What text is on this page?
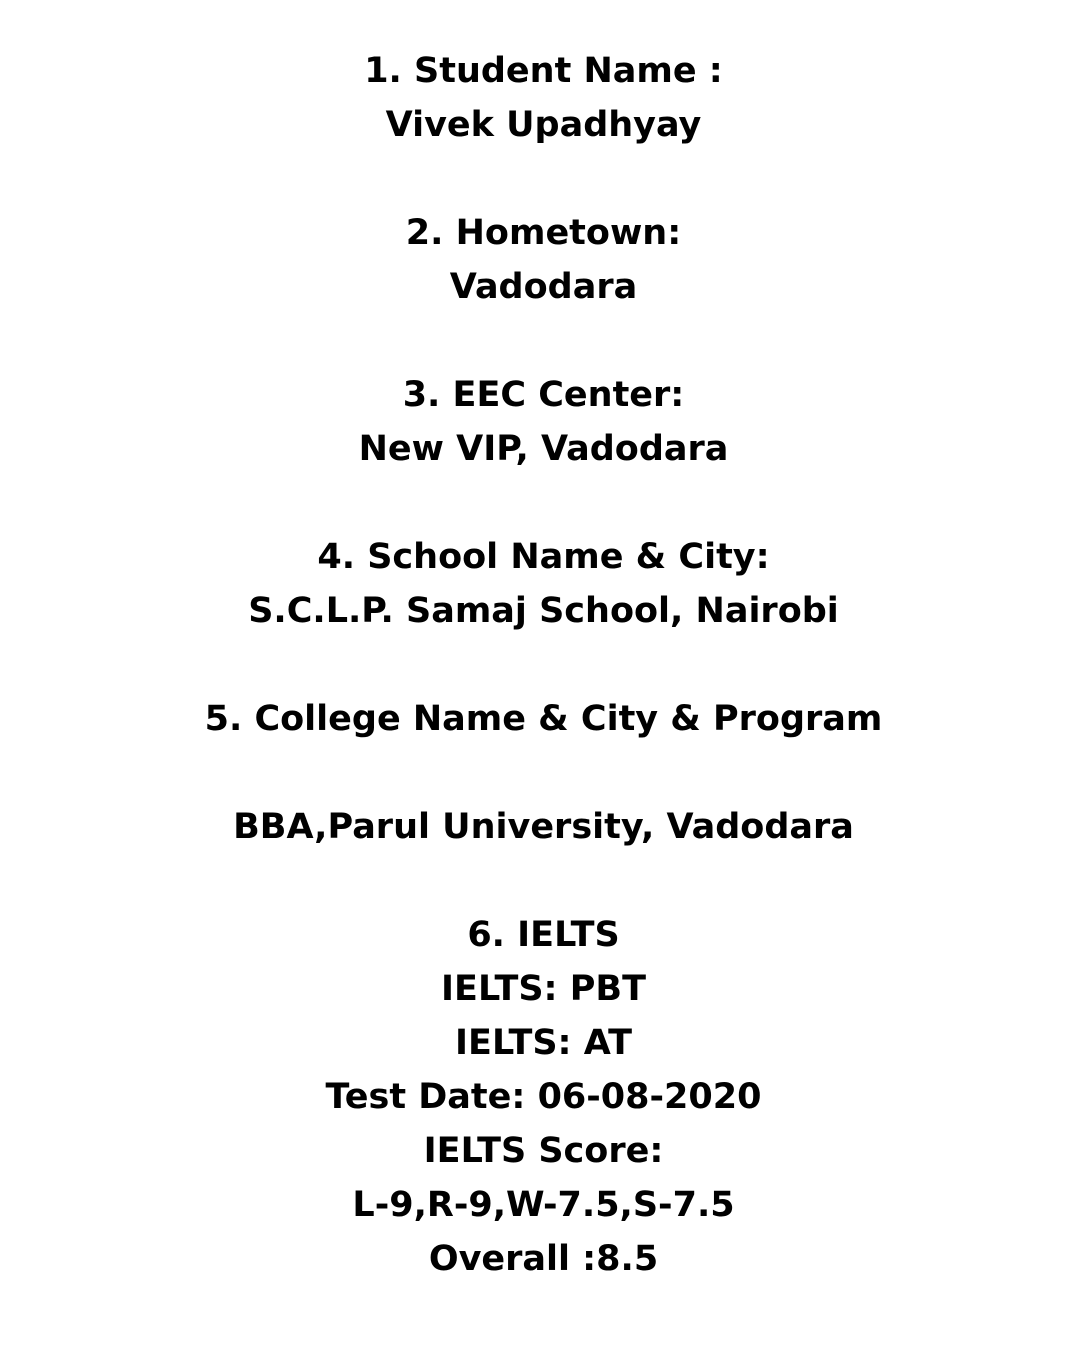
1. Student Name :
Vivek Upadhyay
2. Hometown:
Vadodara
3. EEC Center:
New VIP, Vadodara
4. School Name & City:
S.C.L.P. Samaj School, Nairobi
5. College Name & City & Program
BBA,Parul University, Vadodara
6. IELTS
IELTS: PBT
IELTS: AT
Test Date: 06-08-2020
IELTS Score:
L-9,R-9,W-7.5,S-7.5
Overall :8.5
